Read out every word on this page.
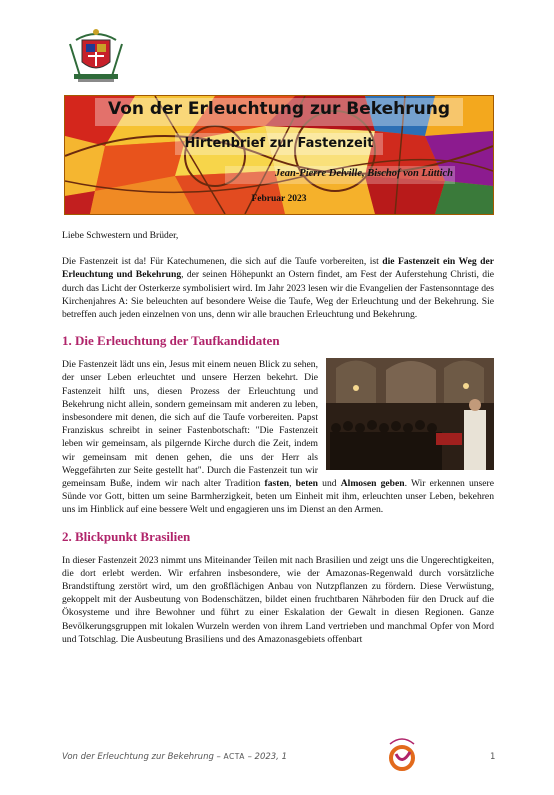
Von der Erleuchtung zur Bekehrung
Hirtenbrief zur Fastenzeit
Jean-Pierre Delville, Bischof von Lüttich
Februar 2023

Liebe Schwestern und Brüder,

Die Fastenzeit ist da! Für Katechumenen, die sich auf die Taufe vorbereiten, ist die Fastenzeit ein Weg der Erleuchtung und Bekehrung, der seinen Höhepunkt an Ostern findet, am Fest der Auferstehung Christi, die durch das Licht der Osterkerze symbolisiert wird. Im Jahr 2023 lesen wir die Evangelien der Fastensonntage des Kirchenjahres A: Sie beleuchten auf besondere Weise die Taufe, Weg der Erleuchtung und der Bekehrung. Sie betreffen auch jeden einzelnen von uns, denn wir alle brauchen Erleuchtung und Bekehrung.

1. Die Erleuchtung der Taufkandidaten

Die Fastenzeit lädt uns ein, Jesus mit einem neuen Blick zu sehen, der unser Leben erleuchtet und unsere Herzen bekehrt. Die Fastenzeit hilft uns, diesen Prozess der Erleuchtung und Bekehrung nicht allein, sondern gemeinsam mit anderen zu leben, insbesondere mit denen, die sich auf die Taufe vorbereiten. Papst Franziskus schreibt in seiner Fastenbotschaft: "Die Fastenzeit leben wir gemeinsam, als pilgernde Kirche durch die Zeit, indem wir gemeinsam mit denen gehen, die uns der Herr als Weggefährten zur Seite gestellt hat". Durch die Fastenzeit tun wir gemeinsam Buße, indem wir nach alter Tradition fasten, beten und Almosen geben. Wir erkennen unsere Sünde vor Gott, bitten um seine Barmherzigkeit, beten um Einheit mit ihm, erleuchten unser Leben, bekehren uns im Hinblick auf eine bessere Welt und engagieren uns im Dienst an den Armen.

2. Blickpunkt Brasilien

In dieser Fastenzeit 2023 nimmt uns Miteinander Teilen mit nach Brasilien und zeigt uns die Ungerechtigkeiten, die dort erlebt werden. Wir erfahren insbesondere, wie der Amazonas-Regenwald durch vorsätzliche Brandstiftung zerstört wird, um den großflächigen Anbau von Nutzpflanzen zu fördern. Diese Verwüstung, gekoppelt mit der Ausbeutung von Bodenschätzen, bildet einen fruchtbaren Nährboden für den Druck auf die Ökosysteme und ihre Bewohner und führt zu einer Eskalation der Gewalt in diesen Regionen. Ganze Bevölkerungsgruppen mit lokalen Wurzeln werden von ihrem Land vertrieben und manchmal Opfer von Mord und Totschlag. Die Ausbeutung Brasiliens und des Amazonasgebiets offenbart

Von der Erleuchtung zur Bekehrung – ACTA – 2023, 1	1
